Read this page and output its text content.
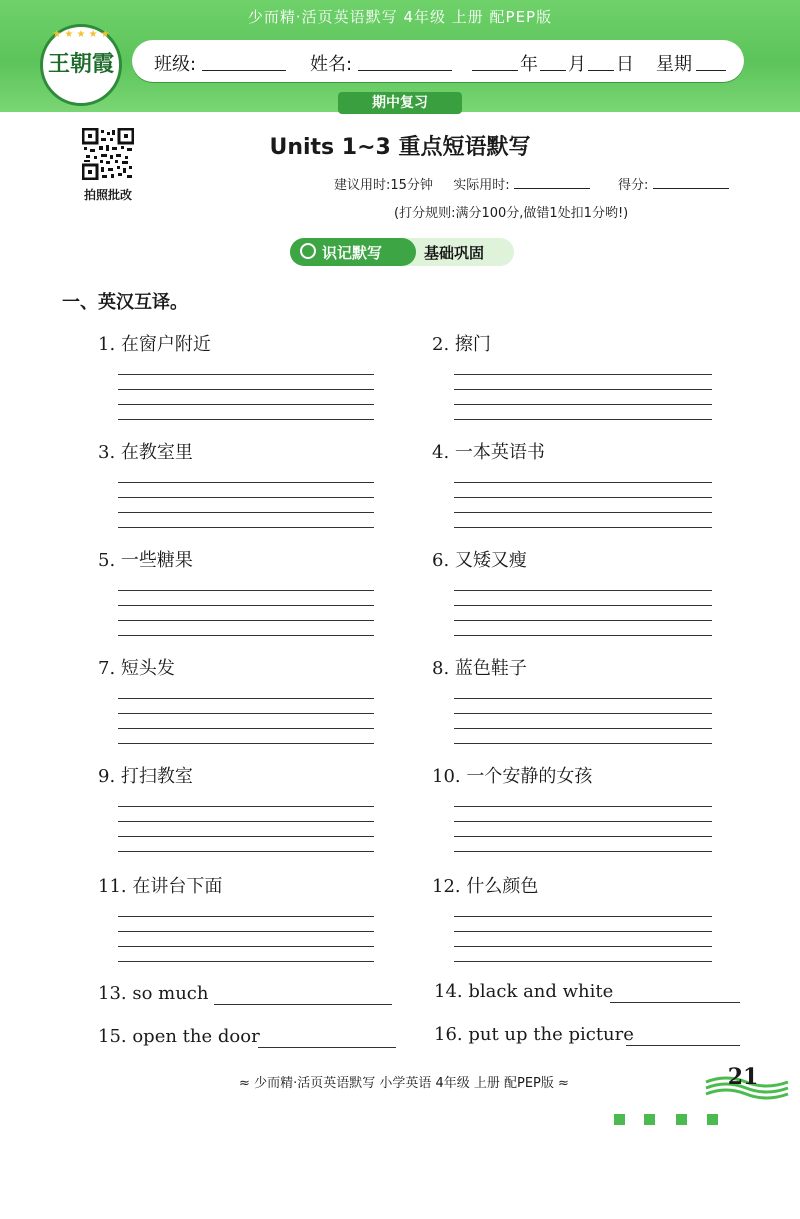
少而精·活页英语默写 4年级 上册 配PEP版
★ ★ ★ ★ ★
王朝霞 班级:	姓名:	年 月 日 星期
期中复习
拍照批改
Units 1~3 重点短语默写
建议用时:15分钟 实际用时:	得分:
(打分规则:满分100分,做错1处扣1分哟!)
识记默写	基础巩固
一、英汉互译。
1. 在窗户附近	2. 擦门
3. 在教室里	4. 一本英语书
5. 一些糖果	6. 又矮又瘦
7. 短头发	8. 蓝色鞋子
9. 打扫教室	10. 一个安静的女孩
11. 在讲台下面	12. 什么颜色
13. so much	14. black and white
15. open the door	16. put up the picture
≈ 少而精·活页英语默写 小学英语 4年级 上册 配PEP版 ≈	21
